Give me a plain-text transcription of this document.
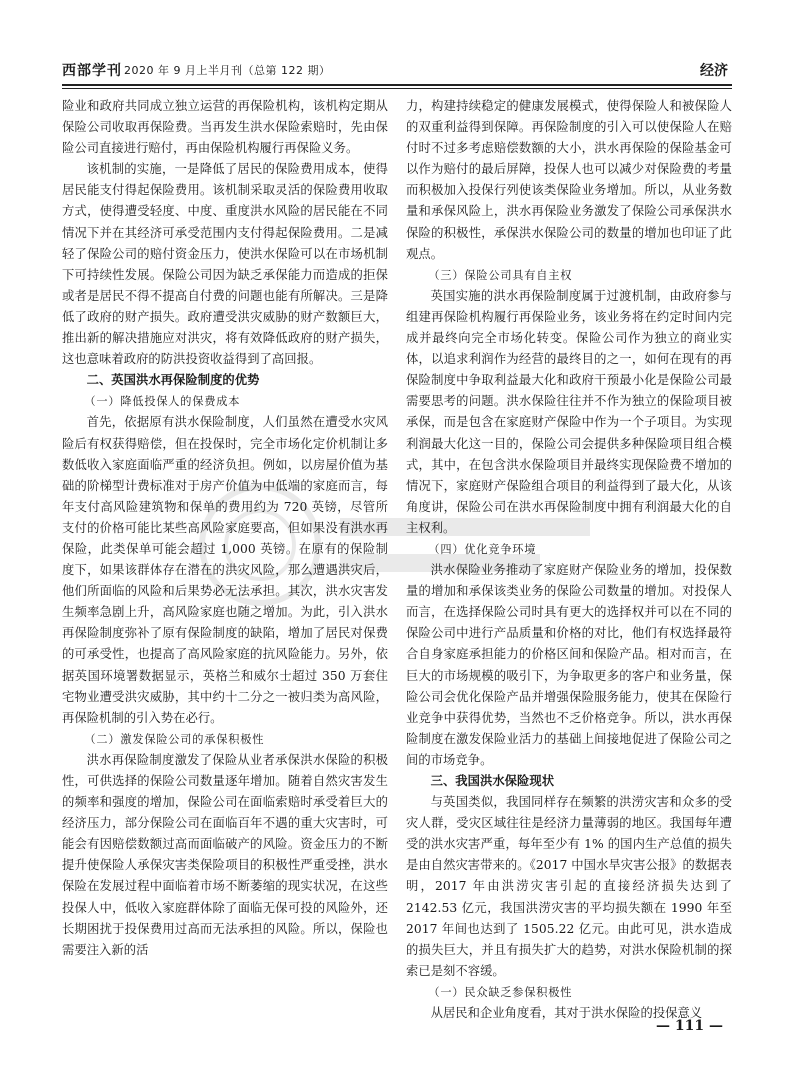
西部学刊 2020 年 9 月上半月刊（总第 122 期）	经济

险业和政府共同成立独立运营的再保险机构，该机构定期从保险公司收取再保险费。当再发生洪水保险索赔时，先由保险公司直接进行赔付，再由保险机构履行再保险义务。

该机制的实施，一是降低了居民的保险费用成本，使得居民能支付得起保险费用。该机制采取灵活的保险费用收取方式，使得遭受轻度、中度、重度洪水风险的居民能在不同情况下并在其经济可承受范围内支付得起保险费用。二是减轻了保险公司的赔付资金压力，使洪水保险可以在市场机制下可持续性发展。保险公司因为缺乏承保能力而造成的拒保或者是居民不得不提高自付费的问题也能有所解决。三是降低了政府的财产损失。政府遭受洪灾威胁的财产数额巨大，推出新的解决措施应对洪灾，将有效降低政府的财产损失，这也意味着政府的防洪投资收益得到了高回报。

二、英国洪水再保险制度的优势
（一）降低投保人的保费成本

首先，依据原有洪水保险制度，人们虽然在遭受水灾风险后有权获得赔偿，但在投保时，完全市场化定价机制让多数低收入家庭面临严重的经济负担。例如，以房屋价值为基础的阶梯型计费标准对于房产价值为中低端的家庭而言，每年支付高风险建筑物和保单的费用约为 720 英镑，尽管所支付的价格可能比某些高风险家庭要高，但如果没有洪水再保险，此类保单可能会超过 1,000 英镑。在原有的保险制度下，如果该群体存在潜在的洪灾风险，那么遭遇洪灾后，他们所面临的风险和后果势必无法承担。其次，洪水灾害发生频率急剧上升，高风险家庭也随之增加。为此，引入洪水再保险制度弥补了原有保险制度的缺陷，增加了居民对保费的可承受性，也提高了高风险家庭的抗风险能力。另外，依据英国环境署数据显示，英格兰和威尔士超过 350 万套住宅物业遭受洪灾威胁，其中约十二分之一被归类为高风险，再保险机制的引入势在必行。

（二）激发保险公司的承保积极性

洪水再保险制度激发了保险从业者承保洪水保险的积极性，可供选择的保险公司数量逐年增加。随着自然灾害发生的频率和强度的增加，保险公司在面临索赔时承受着巨大的经济压力，部分保险公司在面临百年不遇的重大灾害时，可能会有因赔偿数额过高而面临破产的风险。资金压力的不断提升使保险人承保灾害类保险项目的积极性严重受挫，洪水保险在发展过程中面临着市场不断萎缩的现实状况，在这些投保人中，低收入家庭群体除了面临无保可投的风险外，还长期困扰于投保费用过高而无法承担的风险。所以，保险也需要注入新的活

力，构建持续稳定的健康发展模式，使得保险人和被保险人的双重利益得到保障。再保险制度的引入可以使保险人在赔付时不过多考虑赔偿数额的大小，洪水再保险的保险基金可以作为赔付的最后屏障，投保人也可以减少对保险费的考量而积极加入投保行列使该类保险业务增加。所以，从业务数量和承保风险上，洪水再保险业务激发了保险公司承保洪水保险的积极性，承保洪水保险公司的数量的增加也印证了此观点。

（三）保险公司具有自主权

英国实施的洪水再保险制度属于过渡机制，由政府参与组建再保险机构履行再保险业务，该业务将在约定时间内完成并最终向完全市场化转变。保险公司作为独立的商业实体，以追求利润作为经营的最终目的之一，如何在现有的再保险制度中争取利益最大化和政府干预最小化是保险公司最需要思考的问题。洪水保险往往并不作为独立的保险项目被承保，而是包含在家庭财产保险中作为一个子项目。为实现利润最大化这一目的，保险公司会提供多种保险项目组合模式，其中，在包含洪水保险项目并最终实现保险费不增加的情况下，家庭财产保险组合项目的利益得到了最大化，从该角度讲，保险公司在洪水再保险制度中拥有利润最大化的自主权利。

（四）优化竞争环境

洪水保险业务推动了家庭财产保险业务的增加，投保数量的增加和承保该类业务的保险公司数量的增加。对投保人而言，在选择保险公司时具有更大的选择权并可以在不同的保险公司中进行产品质量和价格的对比，他们有权选择最符合自身家庭承担能力的价格区间和保险产品。相对而言，在巨大的市场规模的吸引下，为争取更多的客户和业务量，保险公司会优化保险产品并增强保险服务能力，使其在保险行业竞争中获得优势，当然也不乏价格竞争。所以，洪水再保险制度在激发保险业活力的基础上间接地促进了保险公司之间的市场竞争。

三、我国洪水保险现状

与英国类似，我国同样存在频繁的洪涝灾害和众多的受灾人群，受灾区域往往是经济力量薄弱的地区。我国每年遭受的洪水灾害严重，每年至少有 1% 的国内生产总值的损失是由自然灾害带来的。《2017 中国水旱灾害公报》的数据表明，2017 年由洪涝灾害引起的直接经济损失达到了 2142.53 亿元，我国洪涝灾害的平均损失额在 1990 年至 2017 年间也达到了 1505.22 亿元。由此可见，洪水造成的损失巨大，并且有损失扩大的趋势，对洪水保险机制的探索已是刻不容缓。

（一）民众缺乏参保积极性

从居民和企业角度看，其对于洪水保险的投保意义

— 111 —
